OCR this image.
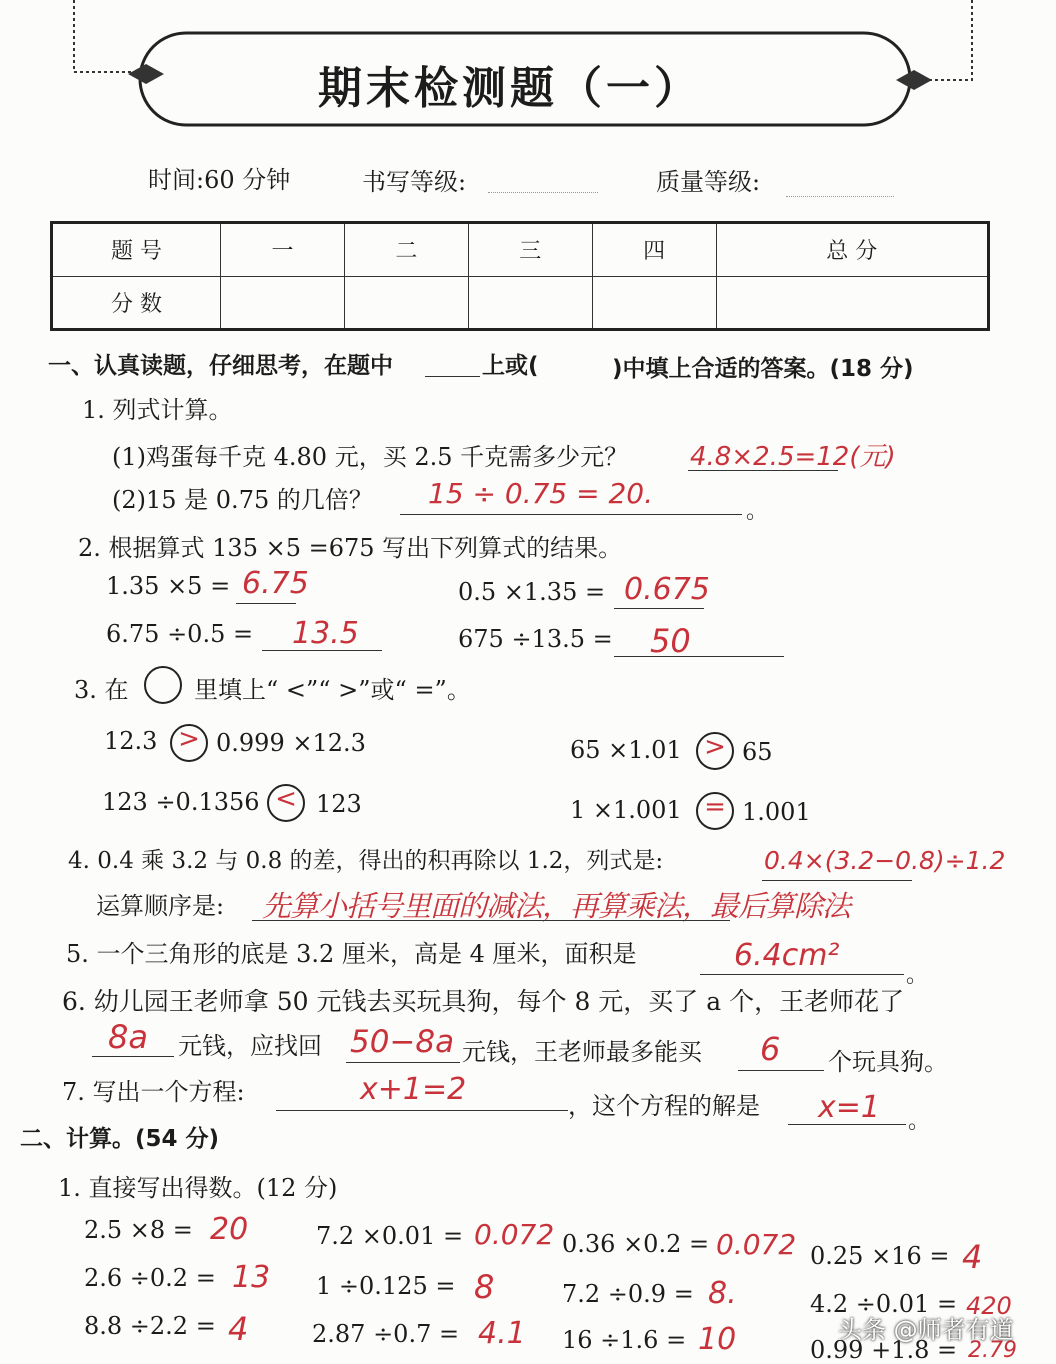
期末检测题（一）
时间:60 分钟	书写等级:	质量等级:
题 号	一	二	三	四	总 分
分 数					
一、认真读题，仔细思考，在题中	上或(	)中填上合适的答案。(18 分)
1. 列式计算。
(1)鸡蛋每千克 4.80 元，买 2.5 千克需多少元？ 4.8×2.5=12(元)
(2)15 是 0.75 的几倍？ 15 ÷ 0.75 = 20.
。
2. 根据算式 135 ×5 =675 写出下列算式的结果。
1.35 ×5 = 6.75	0.5 ×1.35 = 0.675
6.75 ÷0.5 = 13.5	675 ÷13.5 = 50
3. 在	里填上“ <”“ >”或“ =”。
12.3 > 0.999 ×12.3	65 ×1.01 > 65
123 ÷0.1356 < 123	1 ×1.001 = 1.001
4. 0.4 乘 3.2 与 0.8 的差，得出的积再除以 1.2，列式是:	0.4×(3.2−0.8)÷1.2
运算顺序是: 先算小括号里面的减法，再算乘法，最后算除法
5. 一个三角形的底是 3.2 厘米，高是 4 厘米，面积是	6.4cm²
。
6. 幼儿园王老师拿 50 元钱去买玩具狗，每个 8 元，买了 a 个，王老师花了
8a 元钱，应找回 50−8a 元钱，王老师最多能买 6 个玩具狗。
7. 写出一个方程:	x+1=2	，这个方程的解是 x=1 。
二、计算。(54 分)
1. 直接写出得数。(12 分)
2.5 ×8 = 20	7.2 ×0.01 = 0.072 0.36 ×0.2 = 0.072 0.25 ×16 = 4
2.6 ÷0.2 = 13 1 ÷0.125 = 8	7.2 ÷0.9 = 8.	4.2 ÷0.01 = 420
8.8 ÷2.2 = 4	2.87 ÷0.7 = 4.1 16 ÷1.6 = 10	0.99 +1.8 = 2.79
头条 @师者有道
